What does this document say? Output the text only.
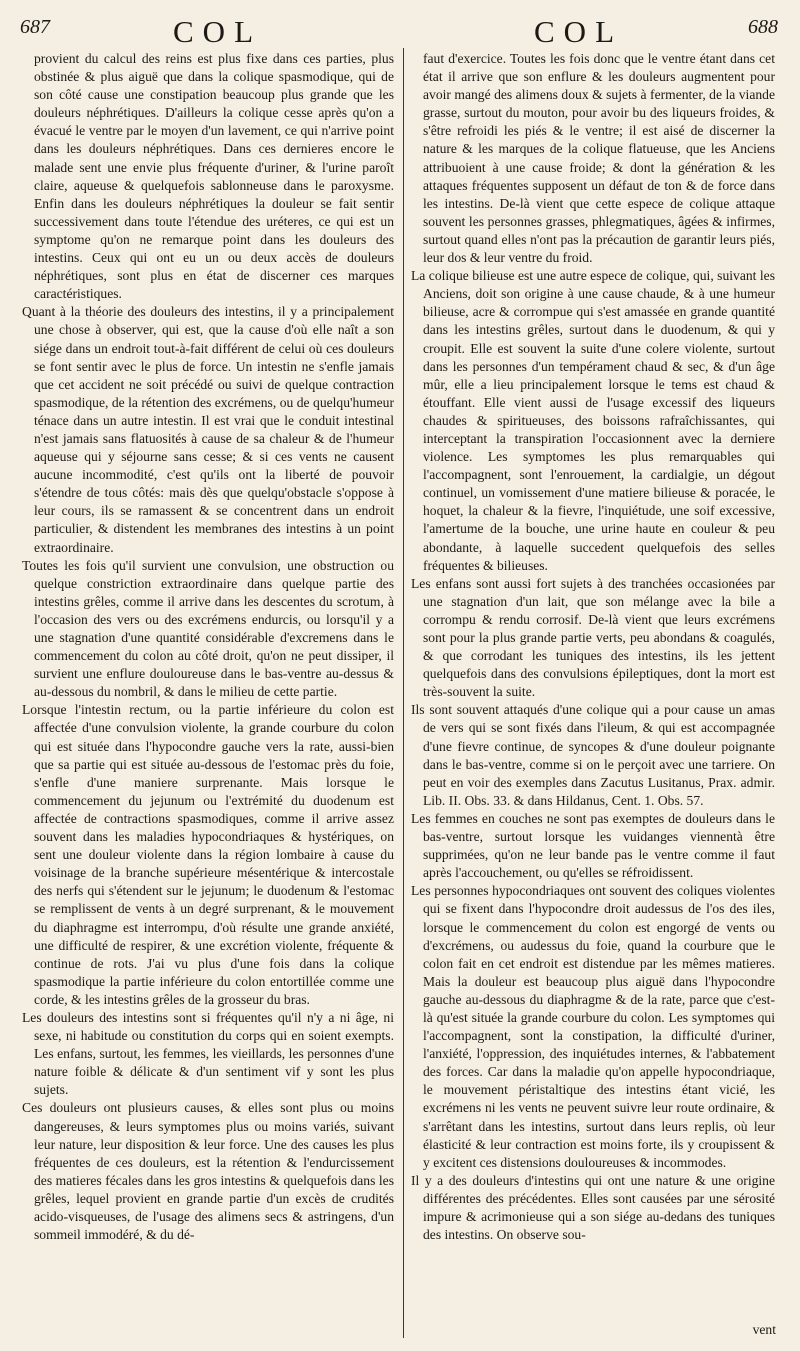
687	COL	COL	688

provient du calcul des reins est plus fixe dans ces parties, plus obstinée & plus aiguë que dans la colique spasmodique, qui de son côté cause une constipation beaucoup plus grande que les douleurs néphrétiques. D'ailleurs la colique cesse après qu'on a évacué le ventre par le moyen d'un lavement, ce qui n'arrive point dans les douleurs néphrétiques. Dans ces dernieres encore le malade sent une envie plus fréquente d'uriner, & l'urine paroît claire, aqueuse & quelquefois sablonneuse dans le paroxysme. Enfin dans les douleurs néphrétiques la douleur se fait sentir successivement dans toute l'étendue des uréteres, ce qui est un symptome qu'on ne remarque point dans les douleurs des intestins. Ceux qui ont eu un ou deux accès de douleurs néphrétiques, sont plus en état de discerner ces marques caractéristiques.

Quant à la théorie des douleurs des intestins, il y a principalement une chose à observer, qui est, que la cause d'où elle naît a son siége dans un endroit tout-à-fait différent de celui où ces douleurs se font sentir avec le plus de force. Un intestin ne s'enfle jamais que cet accident ne soit précédé ou suivi de quelque contraction spasmodique, de la rétention des excrémens, ou de quelqu'humeur ténace dans un autre intestin. Il est vrai que le conduit intestinal n'est jamais sans flatuosités à cause de sa chaleur & de l'humeur aqueuse qui y séjourne sans cesse; & si ces vents ne causent aucune incommodité, c'est qu'ils ont la liberté de pouvoir s'étendre de tous côtés: mais dès que quelqu'obstacle s'oppose à leur cours, ils se ramassent & se concentrent dans un endroit particulier, & distendent les membranes des intestins à un point extraordinaire.

Toutes les fois qu'il survient une convulsion, une obstruction ou quelque constriction extraordinaire dans quelque partie des intestins grêles, comme il arrive dans les descentes du scrotum, à l'occasion des vers ou des excrémens endurcis, ou lorsqu'il y a une stagnation d'une quantité considérable d'excremens dans le commencement du colon au côté droit, qu'on ne peut dissiper, il survient une enflure douloureuse dans le bas-ventre au-dessus & au-dessous du nombril, & dans le milieu de cette partie.

Lorsque l'intestin rectum, ou la partie inférieure du colon est affectée d'une convulsion violente, la grande courbure du colon qui est située dans l'hypocondre gauche vers la rate, aussi-bien que sa partie qui est située au-dessous de l'estomac près du foie, s'enfle d'une maniere surprenante. Mais lorsque le commencement du jejunum ou l'extrémité du duodenum est affectée de contractions spasmodiques, comme il arrive assez souvent dans les maladies hypocondriaques & hystériques, on sent une douleur violente dans la région lombaire à cause du voisinage de la branche supérieure mésentérique & intercostale des nerfs qui s'étendent sur le jejunum; le duodenum & l'estomac se remplissent de vents à un degré surprenant, & le mouvement du diaphragme est interrompu, d'où résulte une grande anxiété, une difficulté de respirer, & une excrétion violente, fréquente & continue de rots. J'ai vu plus d'une fois dans la colique spasmodique la partie inférieure du colon entortillée comme une corde, & les intestins grêles de la grosseur du bras.

Les douleurs des intestins sont si fréquentes qu'il n'y a ni âge, ni sexe, ni habitude ou constitution du corps qui en soient exempts. Les enfans, surtout, les femmes, les vieillards, les personnes d'une nature foible & délicate & d'un sentiment vif y sont les plus sujets.

Ces douleurs ont plusieurs causes, & elles sont plus ou moins dangereuses, & leurs symptomes plus ou moins variés, suivant leur nature, leur disposition & leur force. Une des causes les plus fréquentes de ces douleurs, est la rétention & l'endurcissement des matieres fécales dans les gros intestins & quelquefois dans les grêles, lequel provient en grande partie d'un excès de crudités acido-visqueuses, de l'usage des alimens secs & astringens, d'un sommeil immodéré, & du dé-

faut d'exercice. Toutes les fois donc que le ventre étant dans cet état il arrive que son enflure & les douleurs augmentent pour avoir mangé des alimens doux & sujets à fermenter, de la viande grasse, surtout du mouton, pour avoir bu des liqueurs froides, & s'être refroidi les piés & le ventre; il est aisé de discerner la nature & les marques de la colique flatueuse, que les Anciens attribuoient à une cause froide; & dont la génération & les attaques fréquentes supposent un défaut de ton & de force dans les intestins. De-là vient que cette espece de colique attaque souvent les personnes grasses, phlegmatiques, âgées & infirmes, surtout quand elles n'ont pas la précaution de garantir leurs piés, leur dos & leur ventre du froid.

La colique bilieuse est une autre espece de colique, qui, suivant les Anciens, doit son origine à une cause chaude, & à une humeur bilieuse, acre & corrompue qui s'est amassée en grande quantité dans les intestins grêles, surtout dans le duodenum, & qui y croupit. Elle est souvent la suite d'une colere violente, surtout dans les personnes d'un tempérament chaud & sec, & d'un âge mûr, elle a lieu principalement lorsque le tems est chaud & étouffant. Elle vient aussi de l'usage excessif des liqueurs chaudes & spiritueuses, des boissons rafraîchissantes, qui interceptant la transpiration l'occasionnent avec la derniere violence. Les symptomes les plus remarquables qui l'accompagnent, sont l'enrouement, la cardialgie, un dégout continuel, un vomissement d'une matiere bilieuse & poracée, le hoquet, la chaleur & la fievre, l'inquiétude, une soif excessive, l'amertume de la bouche, une urine haute en couleur & peu abondante, à laquelle succedent quelquefois des selles fréquentes & bilieuses.

Les enfans sont aussi fort sujets à des tranchées occasionées par une stagnation d'un lait, que son mélange avec la bile a corrompu & rendu corrosif. De-là vient que leurs excrémens sont pour la plus grande partie verts, peu abondans & coagulés, & que corrodant les tuniques des intestins, ils les jettent quelquefois dans des convulsions épileptiques, dont la mort est très-souvent la suite.

Ils sont souvent attaqués d'une colique qui a pour cause un amas de vers qui se sont fixés dans l'ileum, & qui est accompagnée d'une fievre continue, de syncopes & d'une douleur poignante dans le bas-ventre, comme si on le perçoit avec une tarriere. On peut en voir des exemples dans Zacutus Lusitanus, Prax. admir. Lib. II. Obs. 33. & dans Hildanus, Cent. 1. Obs. 57.

Les femmes en couches ne sont pas exemptes de douleurs dans le bas-ventre, surtout lorsque les vuidanges viennentà être supprimées, qu'on ne leur bande pas le ventre comme il faut après l'accouchement, ou qu'elles se réfroidissent.

Les personnes hypocondriaques ont souvent des coliques violentes qui se fixent dans l'hypocondre droit audessus de l'os des iles, lorsque le commencement du colon est engorgé de vents ou d'excrémens, ou audessus du foie, quand la courbure que le colon fait en cet endroit est distendue par les mêmes matieres. Mais la douleur est beaucoup plus aiguë dans l'hypocondre gauche au-dessous du diaphragme & de la rate, parce que c'est-là qu'est située la grande courbure du colon. Les symptomes qui l'accompagnent, sont la constipation, la difficulté d'uriner, l'anxiété, l'oppression, des inquiétudes internes, & l'abbatement des forces. Car dans la maladie qu'on appelle hypocondriaque, le mouvement péristaltique des intestins étant vicié, les excrémens ni les vents ne peuvent suivre leur route ordinaire, & s'arrêtant dans les intestins, surtout dans leurs replis, où leur élasticité & leur contraction est moins forte, ils y croupissent & y excitent ces distensions douloureuses & incommodes.

Il y a des douleurs d'intestins qui ont une nature & une origine différentes des précédentes. Elles sont causées par une sérosité impure & acrimonieuse qui a son siége au-dedans des tuniques des intestins. On observe sou-

vent
